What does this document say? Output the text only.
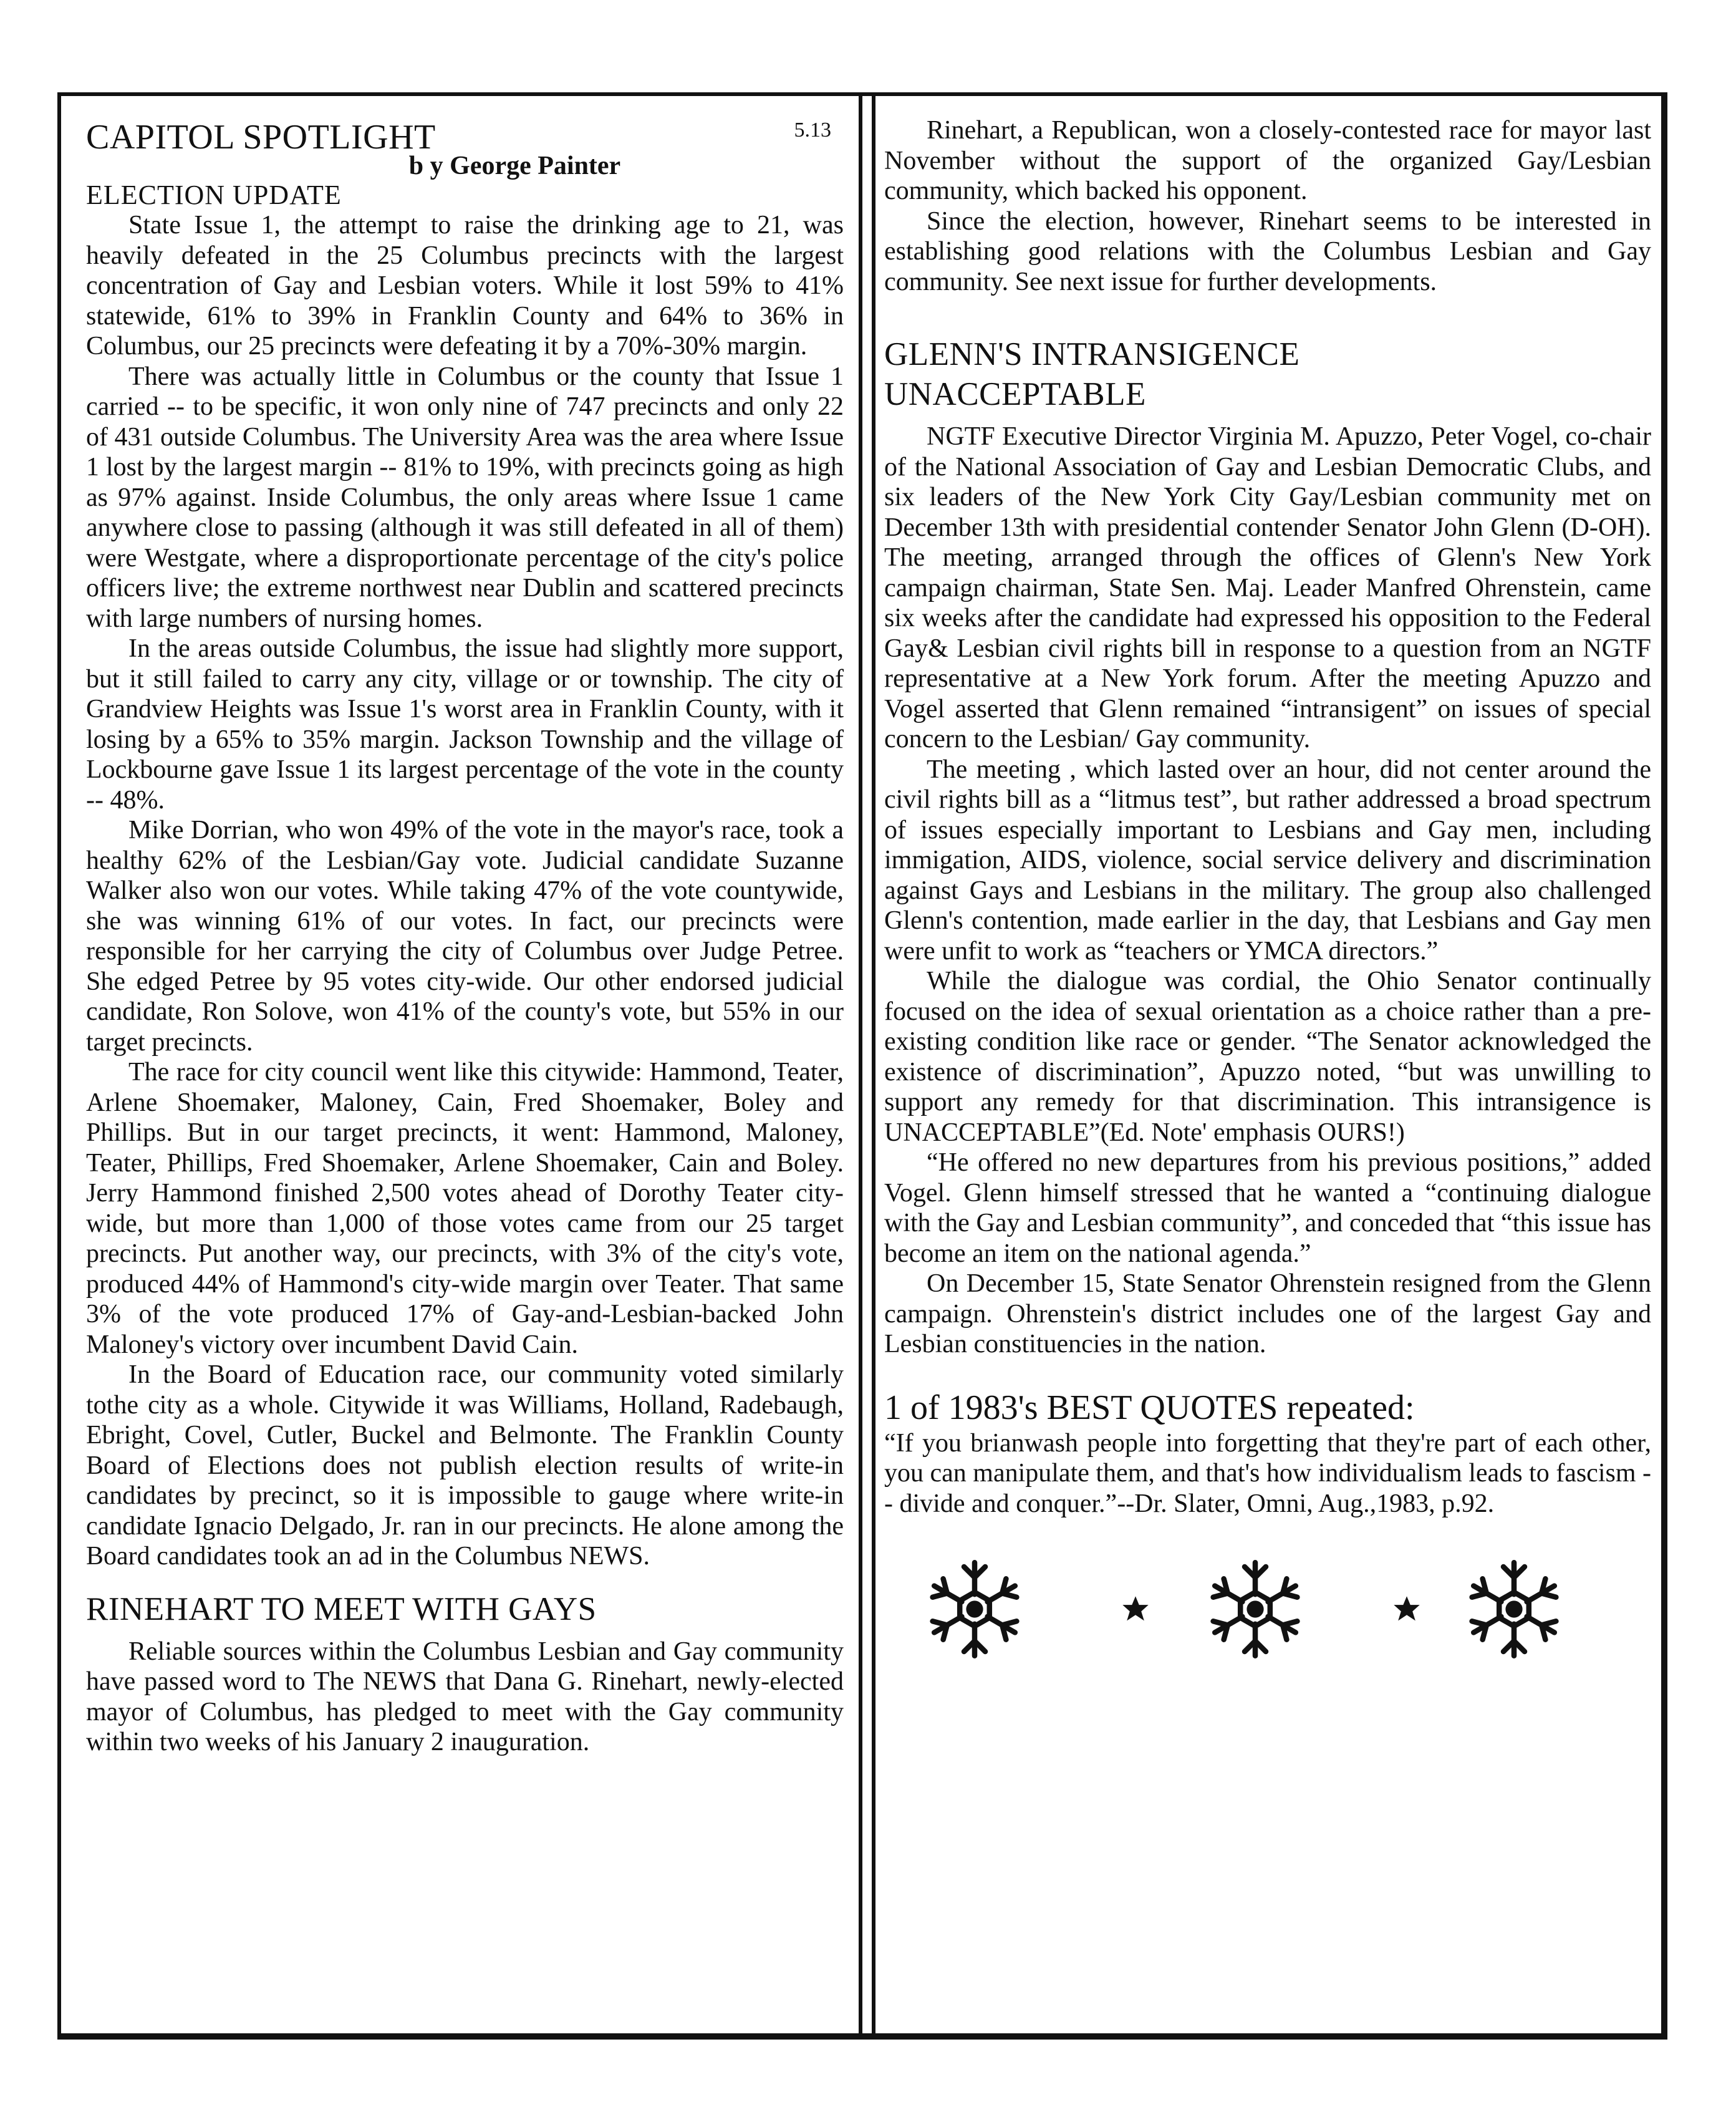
CAPITOL SPOTLIGHT	5.13
b y George Painter
ELECTION UPDATE

State Issue 1, the attempt to raise the drinking age to 21, was heavily defeated in the 25 Columbus precincts with the largest concentration of Gay and Lesbian voters. While it lost 59% to 41% statewide, 61% to 39% in Franklin County and 64% to 36% in Columbus, our 25 precincts were defeating it by a 70%-30% margin.

There was actually little in Columbus or the county that Issue 1 carried -- to be specific, it won only nine of 747 precincts and only 22 of 431 outside Columbus. The University Area was the area where Issue 1 lost by the largest margin -- 81% to 19%, with precincts going as high as 97% against. Inside Columbus, the only areas where Issue 1 came anywhere close to passing (although it was still defeated in all of them) were Westgate, where a disproportionate percentage of the city's police officers live; the extreme northwest near Dublin and scattered precincts with large numbers of nursing homes.

In the areas outside Columbus, the issue had slightly more support, but it still failed to carry any city, village or or township. The city of Grandview Heights was Issue 1's worst area in Franklin County, with it losing by a 65% to 35% margin. Jackson Township and the village of Lockbourne gave Issue 1 its largest percentage of the vote in the county -- 48%.

Mike Dorrian, who won 49% of the vote in the mayor's race, took a healthy 62% of the Lesbian/Gay vote. Judicial candidate Suzanne Walker also won our votes. While taking 47% of the vote countywide, she was winning 61% of our votes. In fact, our precincts were responsible for her carrying the city of Columbus over Judge Petree. She edged Petree by 95 votes city-wide. Our other endorsed judicial candidate, Ron Solove, won 41% of the county's vote, but 55% in our target precincts.

The race for city council went like this citywide: Hammond, Teater, Arlene Shoemaker, Maloney, Cain, Fred Shoemaker, Boley and Phillips. But in our target precincts, it went: Hammond, Maloney, Teater, Phillips, Fred Shoemaker, Arlene Shoemaker, Cain and Boley. Jerry Hammond finished 2,500 votes ahead of Dorothy Teater city-wide, but more than 1,000 of those votes came from our 25 target precincts. Put another way, our precincts, with 3% of the city's vote, produced 44% of Hammond's city-wide margin over Teater. That same 3% of the vote produced 17% of Gay-and-Lesbian-backed John Maloney's victory over incumbent David Cain.

In the Board of Education race, our community voted similarly tothe city as a whole. Citywide it was Williams, Holland, Radebaugh, Ebright, Covel, Cutler, Buckel and Belmonte. The Franklin County Board of Elections does not publish election results of write-in candidates by precinct, so it is impossible to gauge where write-in candidate Ignacio Delgado, Jr. ran in our precincts. He alone among the Board candidates took an ad in the Columbus NEWS.

RINEHART TO MEET WITH GAYS

Reliable sources within the Columbus Lesbian and Gay community have passed word to The NEWS that Dana G. Rinehart, newly-elected mayor of Columbus, has pledged to meet with the Gay community within two weeks of his January 2 inauguration.

Rinehart, a Republican, won a closely-contested race for mayor last November without the support of the organized Gay/Lesbian community, which backed his opponent.

Since the election, however, Rinehart seems to be interested in establishing good relations with the Columbus Lesbian and Gay community. See next issue for further developments.

GLENN'S INTRANSIGENCE
UNACCEPTABLE

NGTF Executive Director Virginia M. Apuzzo, Peter Vogel, co-chair of the National Association of Gay and Lesbian Democratic Clubs, and six leaders of the New York City Gay/Lesbian community met on December 13th with presidential contender Senator John Glenn (D-OH). The meeting, arranged through the offices of Glenn's New York campaign chairman, State Sen. Maj. Leader Manfred Ohrenstein, came six weeks after the candidate had expressed his opposition to the Federal Gay& Lesbian civil rights bill in response to a question from an NGTF representative at a New York forum. After the meeting Apuzzo and Vogel asserted that Glenn remained “intransigent” on issues of special concern to the Lesbian/ Gay community.

The meeting , which lasted over an hour, did not center around the civil rights bill as a “litmus test”, but rather addressed a broad spectrum of issues especially important to Lesbians and Gay men, including immigation, AIDS, violence, social service delivery and discrimination against Gays and Lesbians in the military. The group also challenged Glenn's contention, made earlier in the day, that Lesbians and Gay men were unfit to work as “teachers or YMCA directors.”

While the dialogue was cordial, the Ohio Senator continually focused on the idea of sexual orientation as a choice rather than a pre-existing condition like race or gender. “The Senator acknowledged the existence of discrimination”, Apuzzo noted, “but was unwilling to support any remedy for that discrimination. This intransigence is UNACCEPTABLE”(Ed. Note' emphasis OURS!)

“He offered no new departures from his previous positions,” added Vogel. Glenn himself stressed that he wanted a “continuing dialogue with the Gay and Lesbian community”, and conceded that “this issue has become an item on the national agenda.”

On December 15, State Senator Ohrenstein resigned from the Glenn campaign. Ohrenstein's district includes one of the largest Gay and Lesbian constituencies in the nation.

1 of 1983's BEST QUOTES repeated:

“If you brianwash people into forgetting that they're part of each other, you can manipulate them, and that's how individualism leads to fascism -- divide and conquer.”--Dr. Slater, Omni, Aug.,1983, p.92.
